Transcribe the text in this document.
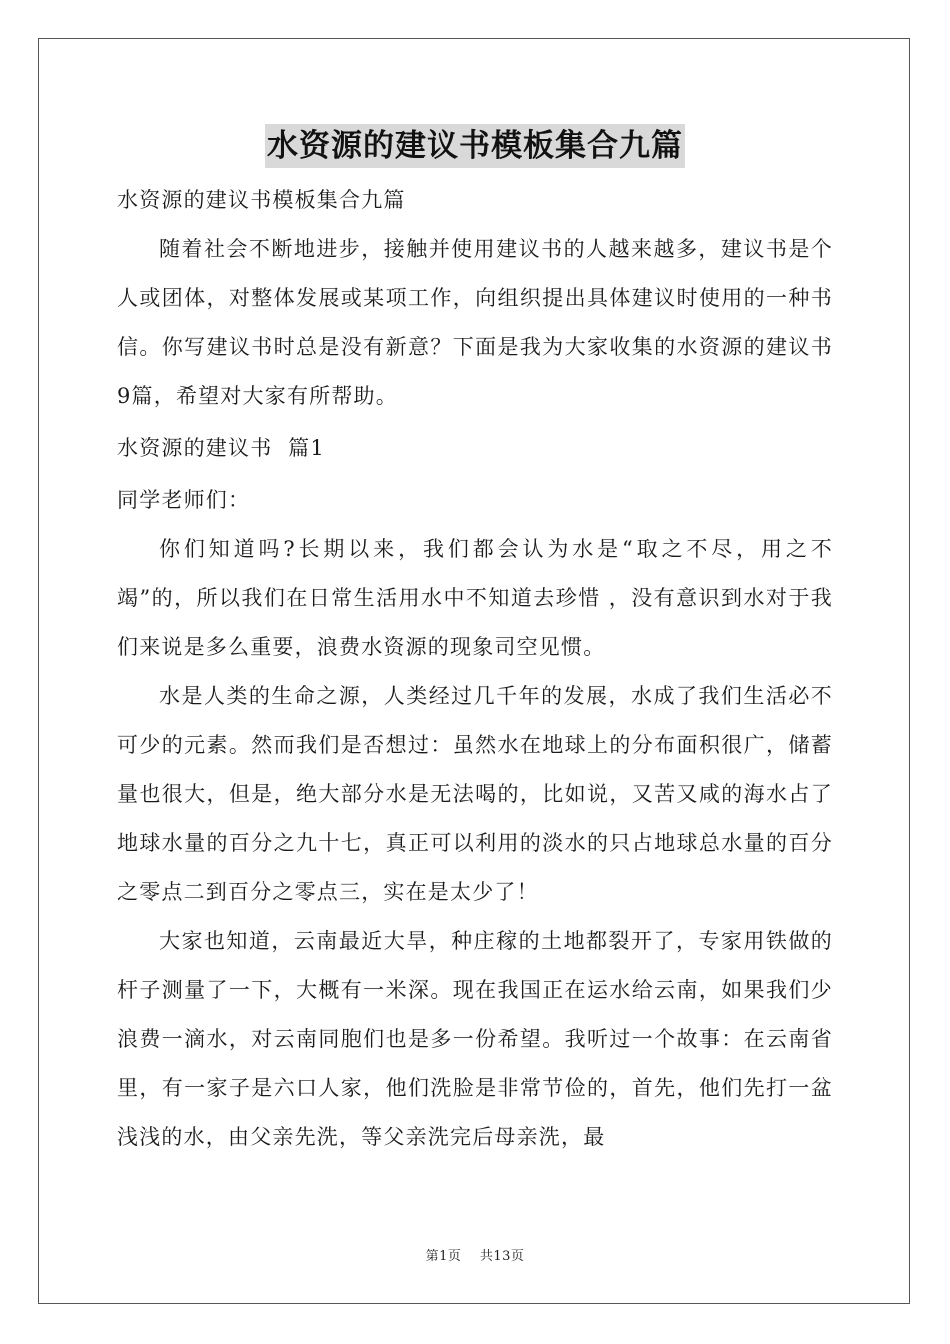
水资源的建议书模板集合九篇

水资源的建议书模板集合九篇

随着社会不断地进步，接触并使用建议书的人越来越多，建议书是个人或团体，对整体发展或某项工作，向组织提出具体建议时使用的一种书信。你写建议书时总是没有新意？下面是我为大家收集的水资源的建议书9篇，希望对大家有所帮助。

水资源的建议书  篇1

同学老师们：

你们知道吗?长期以来，我们都会认为水是“取之不尽，用之不竭”的，所以我们在日常生活用水中不知道去珍惜 ，没有意识到水对于我们来说是多么重要，浪费水资源的现象司空见惯。

水是人类的生命之源，人类经过几千年的发展，水成了我们生活必不可少的元素。然而我们是否想过：虽然水在地球上的分布面积很广，储蓄量也很大，但是，绝大部分水是无法喝的，比如说，又苦又咸的海水占了地球水量的百分之九十七，真正可以利用的淡水的只占地球总水量的百分之零点二到百分之零点三，实在是太少了！

大家也知道，云南最近大旱，种庄稼的土地都裂开了，专家用铁做的杆子测量了一下，大概有一米深。现在我国正在运水给云南，如果我们少浪费一滴水，对云南同胞们也是多一份希望。我听过一个故事：在云南省里，有一家子是六口人家，他们洗脸是非常节俭的，首先，他们先打一盆浅浅的水，由父亲先洗，等父亲洗完后母亲洗，最

第1页    共13页
